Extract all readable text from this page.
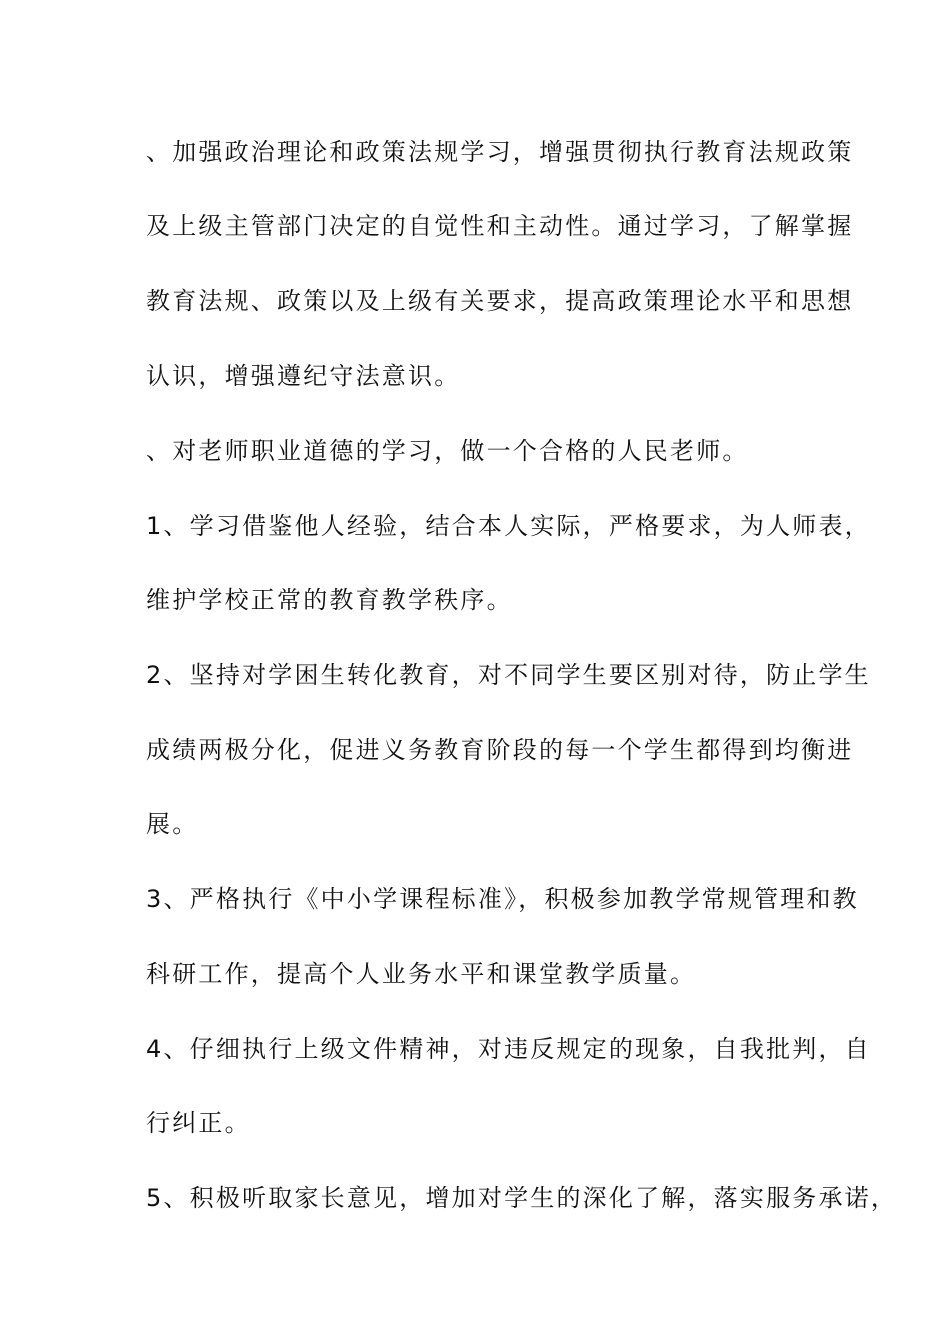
、加强政治理论和政策法规学习，增强贯彻执行教育法规政策
及上级主管部门决定的自觉性和主动性。通过学习，了解掌握
教育法规、政策以及上级有关要求，提高政策理论水平和思想
认识，增强遵纪守法意识。
、对老师职业道德的学习，做一个合格的人民老师。
1、学习借鉴他人经验，结合本人实际，严格要求，为人师表，
维护学校正常的教育教学秩序。
2、坚持对学困生转化教育，对不同学生要区别对待，防止学生
成绩两极分化，促进义务教育阶段的每一个学生都得到均衡进
展。
3、严格执行《中小学课程标准》，积极参加教学常规管理和教
科研工作，提高个人业务水平和课堂教学质量。
4、仔细执行上级文件精神，对违反规定的现象，自我批判，自
行纠正。
5、积极听取家长意见，增加对学生的深化了解，落实服务承诺，
